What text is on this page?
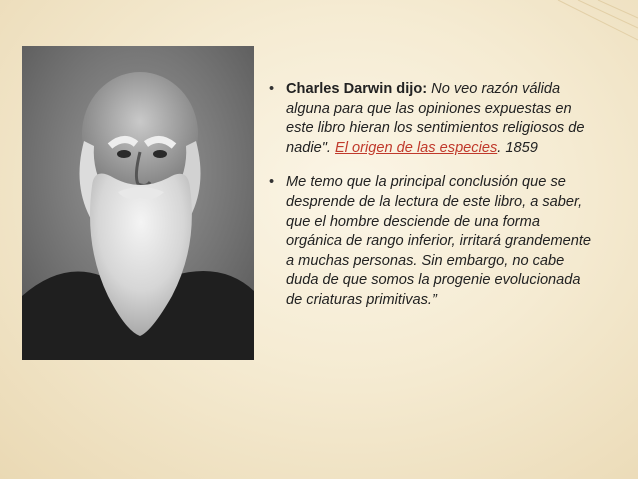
• Charles Darwin dijo: No veo razón válida alguna para que las opiniones expuestas en este libro hieran los sentimientos religiosos de nadie". El origen de las especies. 1859
• Me temo que la principal conclusión que se desprende de la lectura de este libro, a saber, que el hombre desciende de una forma orgánica de rango inferior, irritará grandemente a muchas personas. Sin embargo, no cabe duda de que somos la progenie evolucionada de criaturas primitivas.”
